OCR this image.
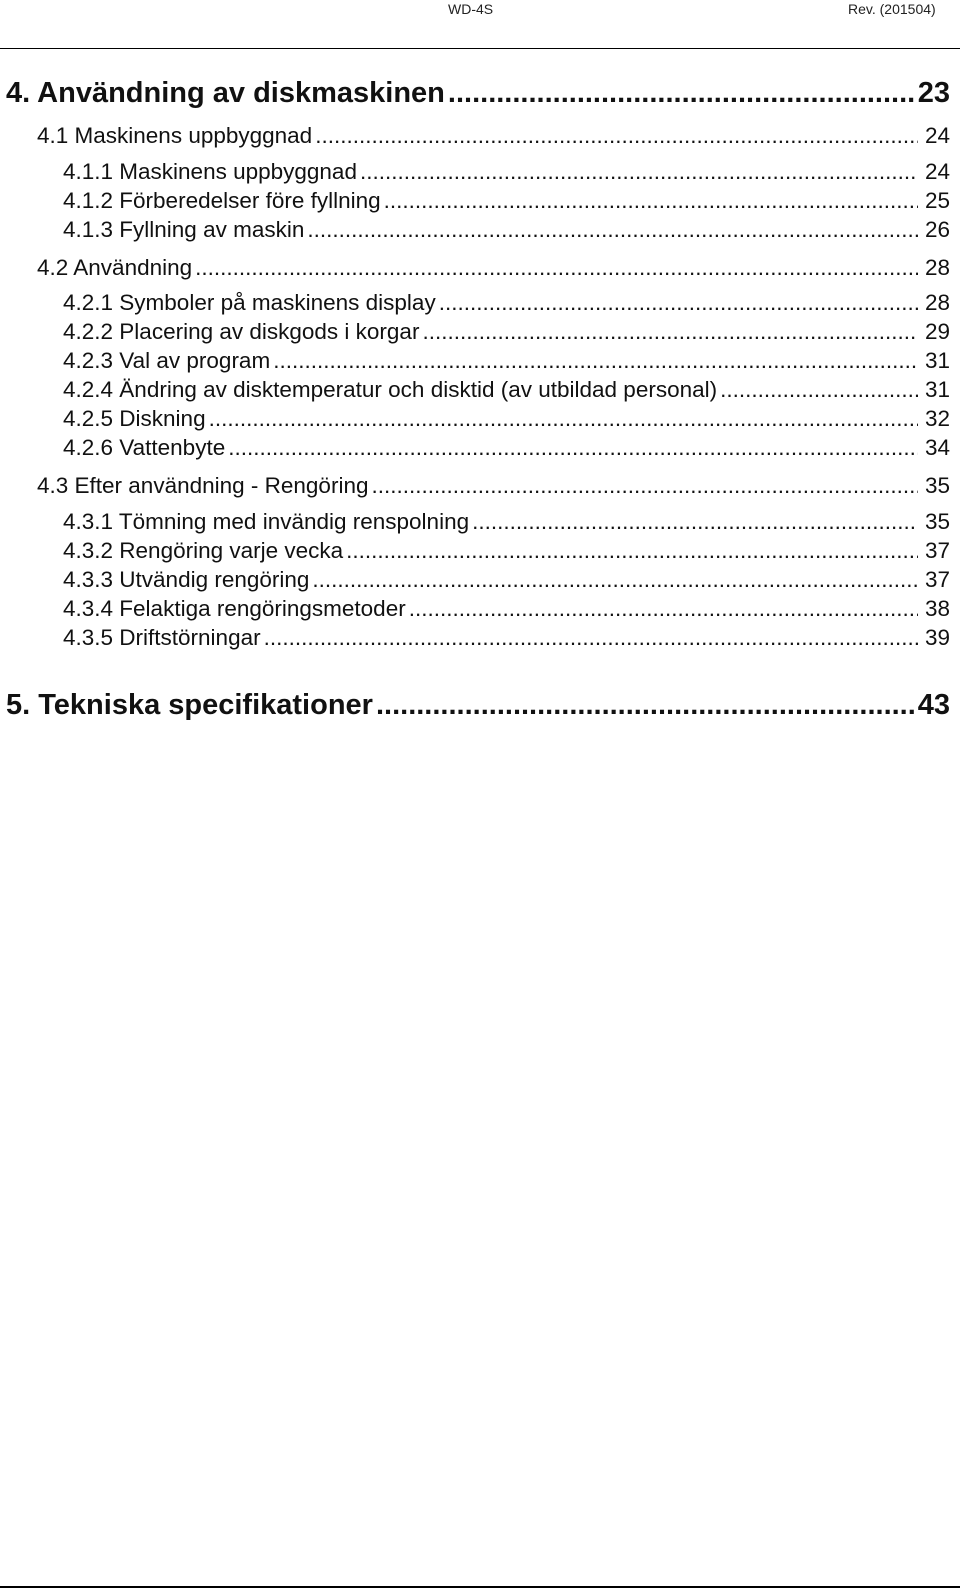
WD-4S	Rev. (201504)
4. Användning av diskmaskinen .....	23
4.1 Maskinens uppbyggnad .....	24
4.1.1 Maskinens uppbyggnad .....	24
4.1.2 Förberedelser före fyllning .....	25
4.1.3 Fyllning av maskin .....	26
4.2 Användning .....	28
4.2.1 Symboler på maskinens display .....	28
4.2.2 Placering av diskgods i korgar .....	29
4.2.3 Val av program .....	31
4.2.4 Ändring av disktemperatur och disktid (av utbildad personal) .....	31
4.2.5 Diskning .....	32
4.2.6 Vattenbyte .....	34
4.3 Efter användning - Rengöring .....	35
4.3.1 Tömning med invändig renspolning .....	35
4.3.2 Rengöring varje vecka .....	37
4.3.3 Utvändig rengöring .....	37
4.3.4 Felaktiga rengöringsmetoder .....	38
4.3.5 Driftstörningar .....	39
5. Tekniska specifikationer .....	43
